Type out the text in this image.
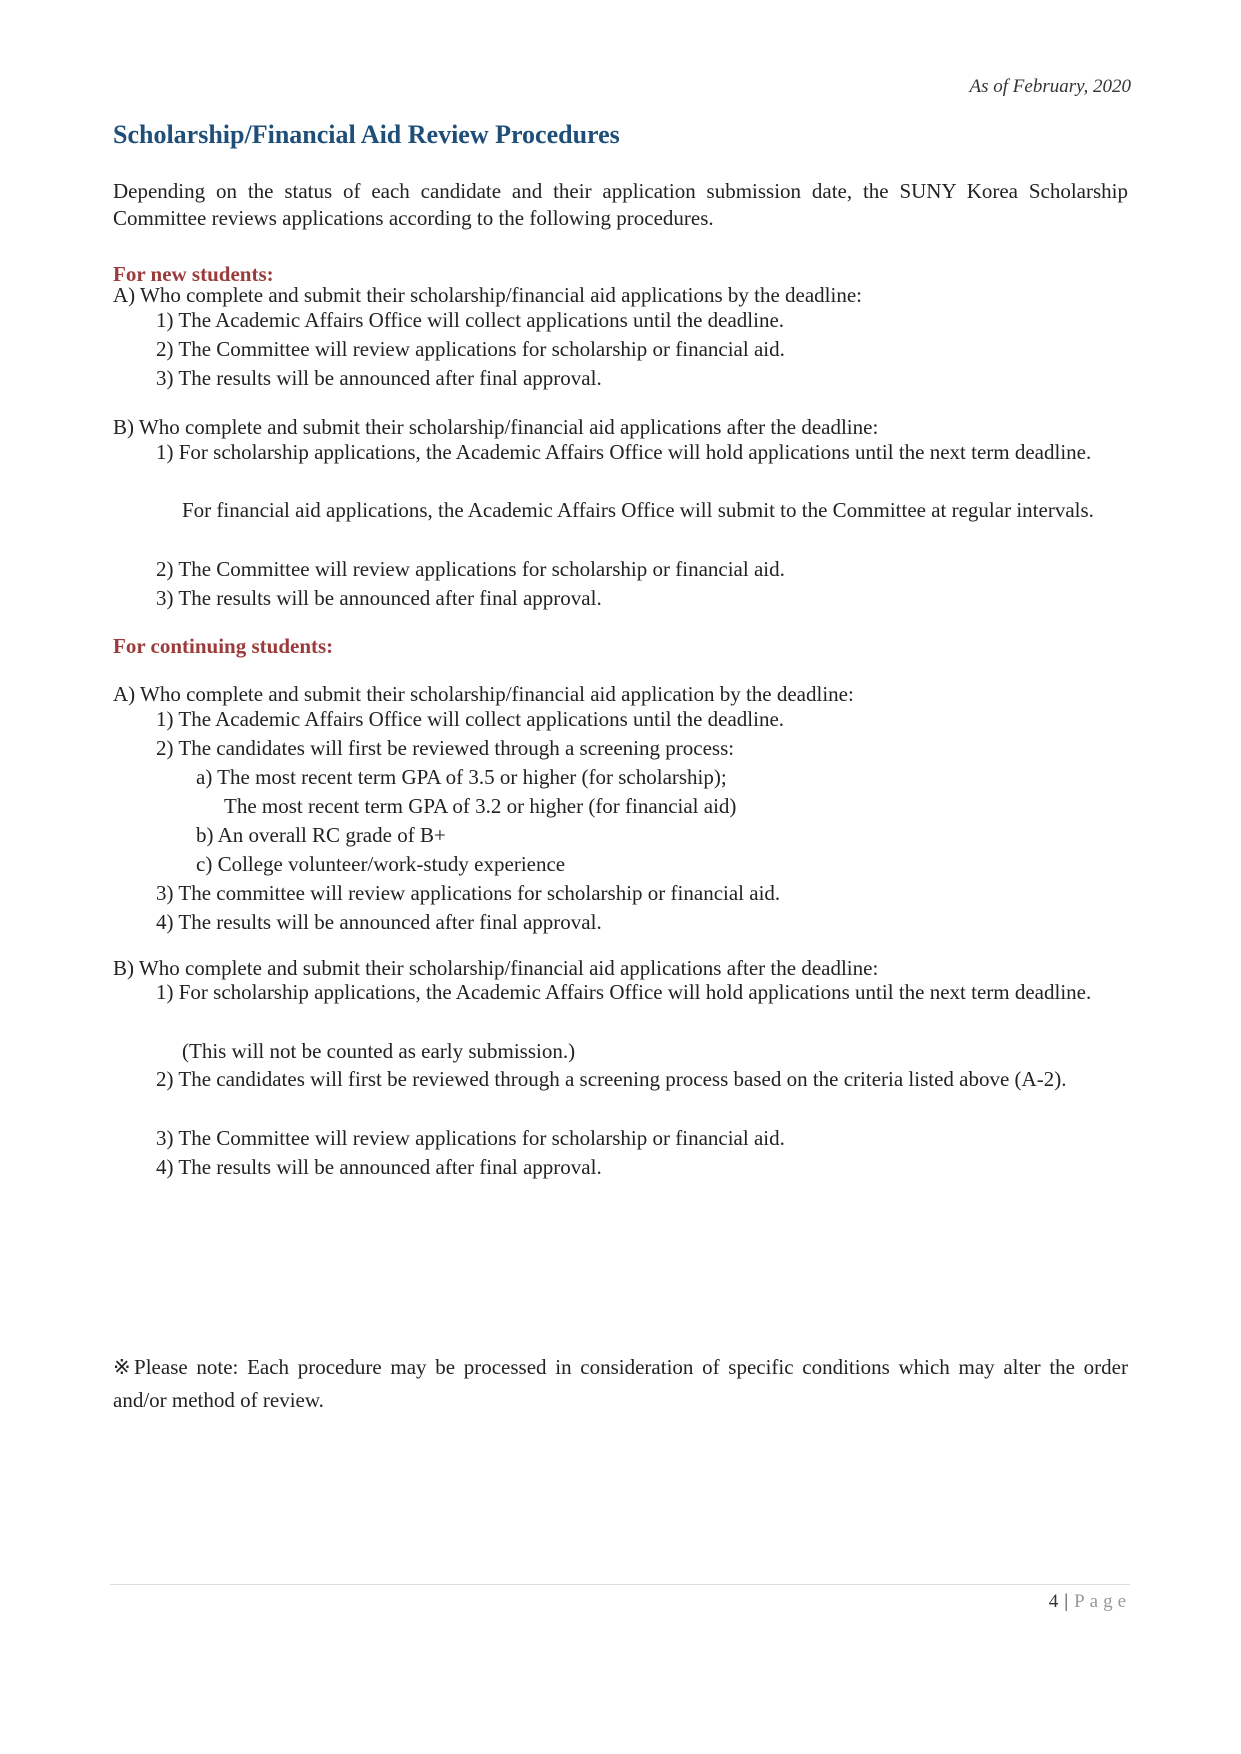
As of February, 2020
Scholarship/Financial Aid Review Procedures
Depending on the status of each candidate and their application submission date, the SUNY Korea Scholarship Committee reviews applications according to the following procedures.
For new students:
A) Who complete and submit their scholarship/financial aid applications by the deadline:
1) The Academic Affairs Office will collect applications until the deadline.
2) The Committee will review applications for scholarship or financial aid.
3) The results will be announced after final approval.
B) Who complete and submit their scholarship/financial aid applications after the deadline:
1) For scholarship applications, the Academic Affairs Office will hold applications until the next term deadline.
For financial aid applications, the Academic Affairs Office will submit to the Committee at regular intervals.
2) The Committee will review applications for scholarship or financial aid.
3) The results will be announced after final approval.
For continuing students:
A) Who complete and submit their scholarship/financial aid application by the deadline:
1) The Academic Affairs Office will collect applications until the deadline.
2) The candidates will first be reviewed through a screening process:
a) The most recent term GPA of 3.5 or higher (for scholarship);
The most recent term GPA of 3.2 or higher (for financial aid)
b) An overall RC grade of B+
c) College volunteer/work-study experience
3) The committee will review applications for scholarship or financial aid.
4) The results will be announced after final approval.
B) Who complete and submit their scholarship/financial aid applications after the deadline:
1) For scholarship applications, the Academic Affairs Office will hold applications until the next term deadline.
(This will not be counted as early submission.)
2) The candidates will first be reviewed through a screening process based on the criteria listed above (A-2).
3) The Committee will review applications for scholarship or financial aid.
4) The results will be announced after final approval.
※Please note: Each procedure may be processed in consideration of specific conditions which may alter the order and/or method of review.
4 | Page
